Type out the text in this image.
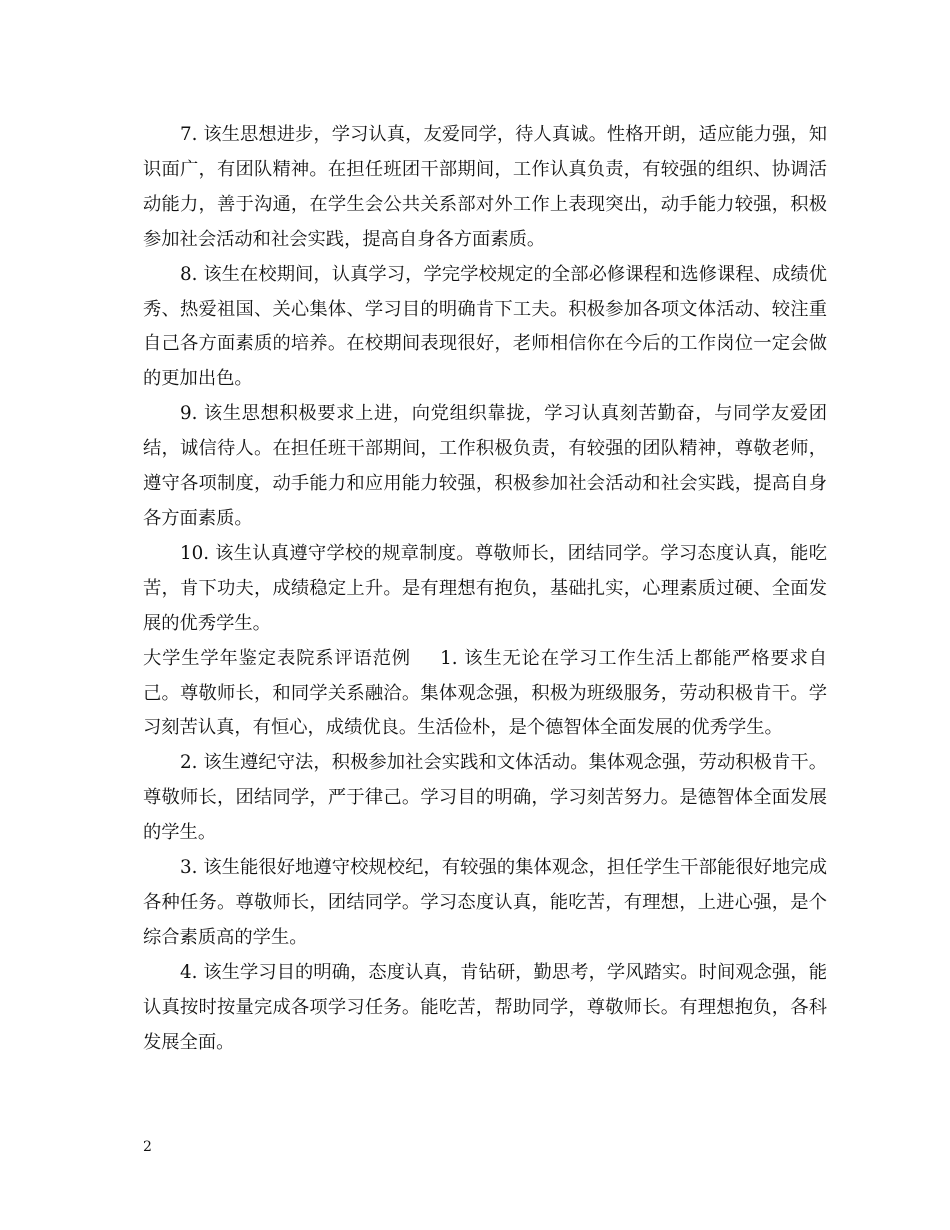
7. 该生思想进步，学习认真，友爱同学，待人真诚。性格开朗，适应能力强，知识面广，有团队精神。在担任班团干部期间，工作认真负责，有较强的组织、协调活动能力，善于沟通，在学生会公共关系部对外工作上表现突出，动手能力较强，积极参加社会活动和社会实践，提高自身各方面素质。

8. 该生在校期间，认真学习，学完学校规定的全部必修课程和选修课程、成绩优秀、热爱祖国、关心集体、学习目的明确肯下工夫。积极参加各项文体活动、较注重自己各方面素质的培养。在校期间表现很好，老师相信你在今后的工作岗位一定会做的更加出色。

9. 该生思想积极要求上进，向党组织靠拢，学习认真刻苦勤奋，与同学友爱团结，诚信待人。在担任班干部期间，工作积极负责，有较强的团队精神，尊敬老师，遵守各项制度，动手能力和应用能力较强，积极参加社会活动和社会实践，提高自身各方面素质。

10. 该生认真遵守学校的规章制度。尊敬师长，团结同学。学习态度认真，能吃苦，肯下功夫，成绩稳定上升。是有理想有抱负，基础扎实，心理素质过硬、全面发展的优秀学生。

大学生学年鉴定表院系评语范例 1. 该生无论在学习工作生活上都能严格要求自己。尊敬师长，和同学关系融洽。集体观念强，积极为班级服务，劳动积极肯干。学习刻苦认真，有恒心，成绩优良。生活俭朴，是个德智体全面发展的优秀学生。

2. 该生遵纪守法，积极参加社会实践和文体活动。集体观念强，劳动积极肯干。尊敬师长，团结同学，严于律己。学习目的明确，学习刻苦努力。是德智体全面发展的学生。

3. 该生能很好地遵守校规校纪，有较强的集体观念，担任学生干部能很好地完成各种任务。尊敬师长，团结同学。学习态度认真，能吃苦，有理想，上进心强，是个综合素质高的学生。

4. 该生学习目的明确，态度认真，肯钻研，勤思考，学风踏实。时间观念强，能认真按时按量完成各项学习任务。能吃苦，帮助同学，尊敬师长。有理想抱负，各科发展全面。

2
